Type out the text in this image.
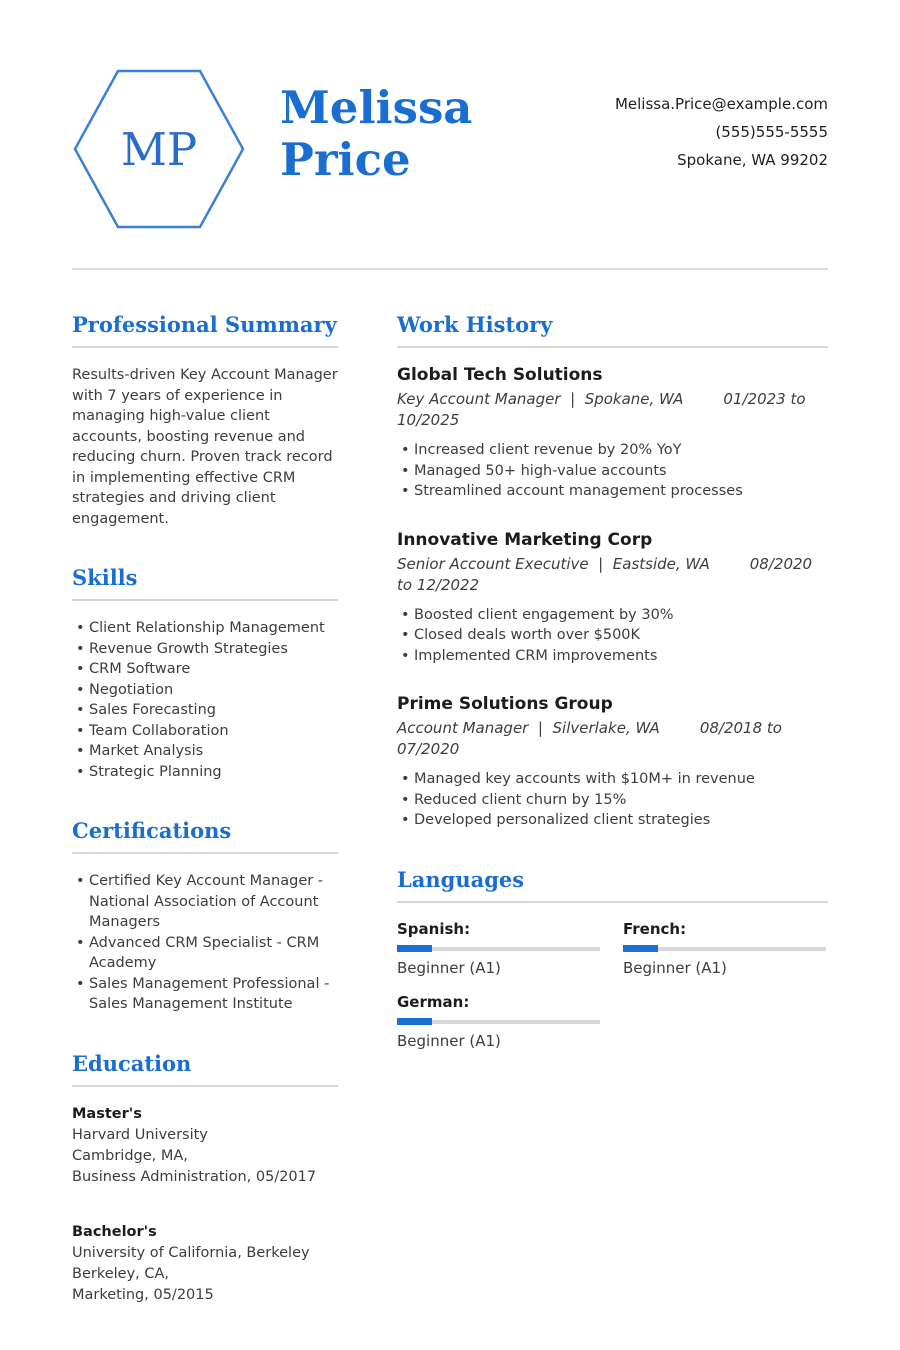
MP
Melissa
Price
Melissa.Price@example.com
(555)555-5555
Spokane, WA 99202
Professional Summary

Results-driven Key Account Manager with 7 years of experience in managing high-value client accounts, boosting revenue and reducing churn. Proven track record in implementing effective CRM strategies and driving client engagement.

Skills
• Client Relationship Management
• Revenue Growth Strategies
• CRM Software
• Negotiation
• Sales Forecasting
• Team Collaboration
• Market Analysis
• Strategic Planning
Certifications
• Certified Key Account Manager - National Association of Account Managers
• Advanced CRM Specialist - CRM Academy
• Sales Management Professional - Sales Management Institute
Education
Master's
Harvard University
Cambridge, MA,
Business Administration, 05/2017
Bachelor's
University of California, Berkeley
Berkeley, CA,
Marketing, 05/2015
Work History
Global Tech Solutions
Key Account Manager | Spokane, WA	01/2023 to 10/2025
• Increased client revenue by 20% YoY
• Managed 50+ high-value accounts
• Streamlined account management processes
Innovative Marketing Corp
Senior Account Executive | Eastside, WA	08/2020 to 12/2022
• Boosted client engagement by 30%
• Closed deals worth over $500K
• Implemented CRM improvements
Prime Solutions Group
Account Manager | Silverlake, WA	08/2018 to 07/2020
• Managed key accounts with $10M+ in revenue
• Reduced client churn by 15%
• Developed personalized client strategies
Languages
Spanish:
Beginner (A1)
French:
Beginner (A1)
German:
Beginner (A1)
